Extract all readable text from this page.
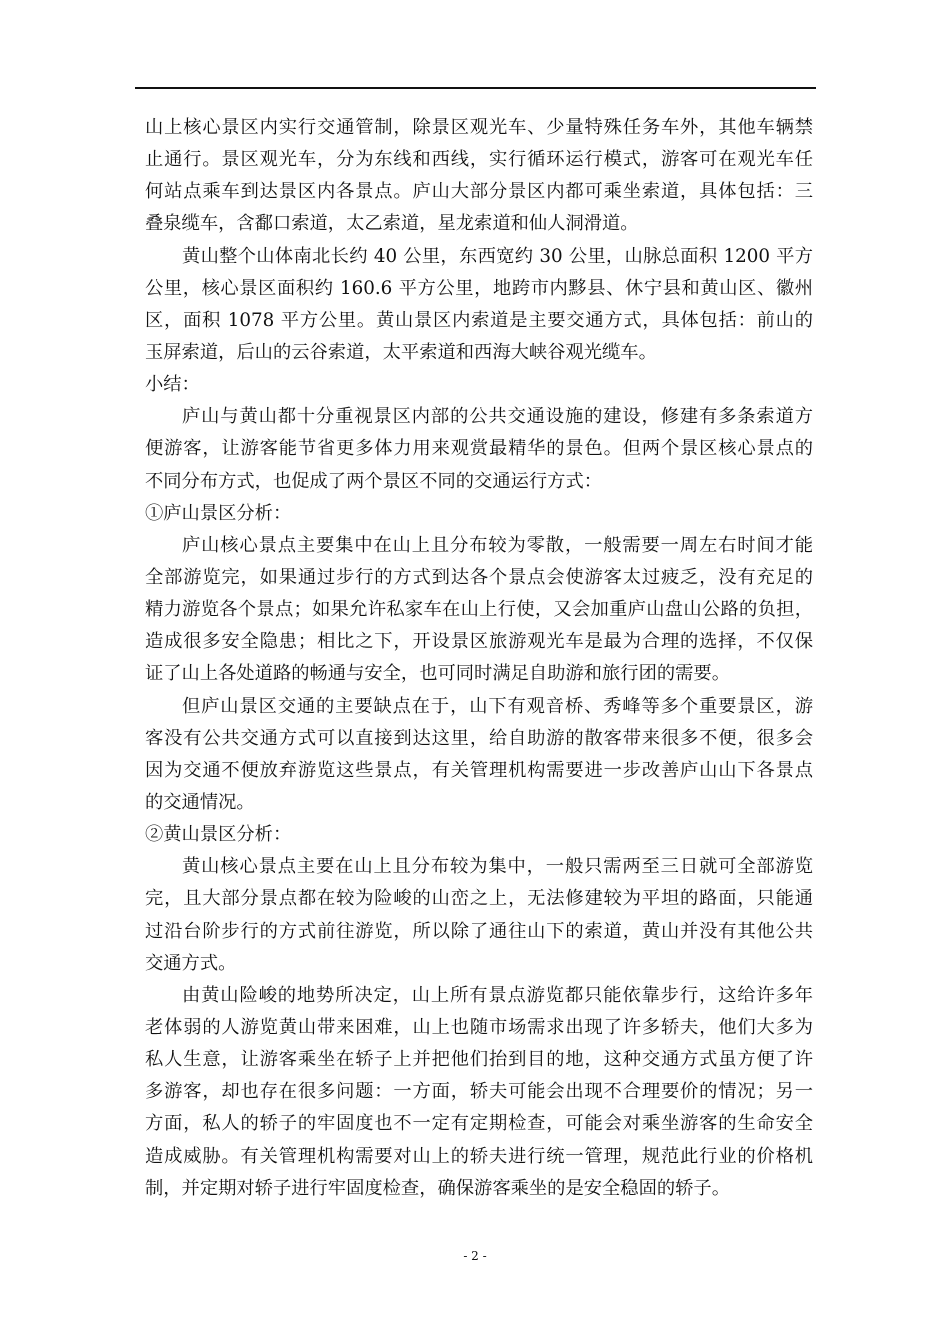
山上核心景区内实行交通管制，除景区观光车、少量特殊任务车外，其他车辆禁
止通行。景区观光车，分为东线和西线，实行循环运行模式，游客可在观光车任
何站点乘车到达景区内各景点。庐山大部分景区内都可乘坐索道，具体包括：三
叠泉缆车，含鄱口索道，太乙索道，星龙索道和仙人洞滑道。
黄山整个山体南北长约 40 公里，东西宽约 30 公里，山脉总面积 1200 平方
公里，核心景区面积约 160.6 平方公里，地跨市内黟县、休宁县和黄山区、徽州
区，面积 1078 平方公里。黄山景区内索道是主要交通方式，具体包括：前山的
玉屏索道，后山的云谷索道，太平索道和西海大峡谷观光缆车。
小结：
庐山与黄山都十分重视景区内部的公共交通设施的建设，修建有多条索道方
便游客，让游客能节省更多体力用来观赏最精华的景色。但两个景区核心景点的
不同分布方式，也促成了两个景区不同的交通运行方式：
①庐山景区分析：
庐山核心景点主要集中在山上且分布较为零散，一般需要一周左右时间才能
全部游览完，如果通过步行的方式到达各个景点会使游客太过疲乏，没有充足的
精力游览各个景点；如果允许私家车在山上行使，又会加重庐山盘山公路的负担，
造成很多安全隐患；相比之下，开设景区旅游观光车是最为合理的选择，不仅保
证了山上各处道路的畅通与安全，也可同时满足自助游和旅行团的需要。
但庐山景区交通的主要缺点在于，山下有观音桥、秀峰等多个重要景区，游
客没有公共交通方式可以直接到达这里，给自助游的散客带来很多不便，很多会
因为交通不便放弃游览这些景点，有关管理机构需要进一步改善庐山山下各景点
的交通情况。
②黄山景区分析：
黄山核心景点主要在山上且分布较为集中，一般只需两至三日就可全部游览
完，且大部分景点都在较为险峻的山峦之上，无法修建较为平坦的路面，只能通
过沿台阶步行的方式前往游览，所以除了通往山下的索道，黄山并没有其他公共
交通方式。
由黄山险峻的地势所决定，山上所有景点游览都只能依靠步行，这给许多年
老体弱的人游览黄山带来困难，山上也随市场需求出现了许多轿夫，他们大多为
私人生意，让游客乘坐在轿子上并把他们抬到目的地，这种交通方式虽方便了许
多游客，却也存在很多问题：一方面，轿夫可能会出现不合理要价的情况；另一
方面，私人的轿子的牢固度也不一定有定期检查，可能会对乘坐游客的生命安全
造成威胁。有关管理机构需要对山上的轿夫进行统一管理，规范此行业的价格机
制，并定期对轿子进行牢固度检查，确保游客乘坐的是安全稳固的轿子。
- 2 -
